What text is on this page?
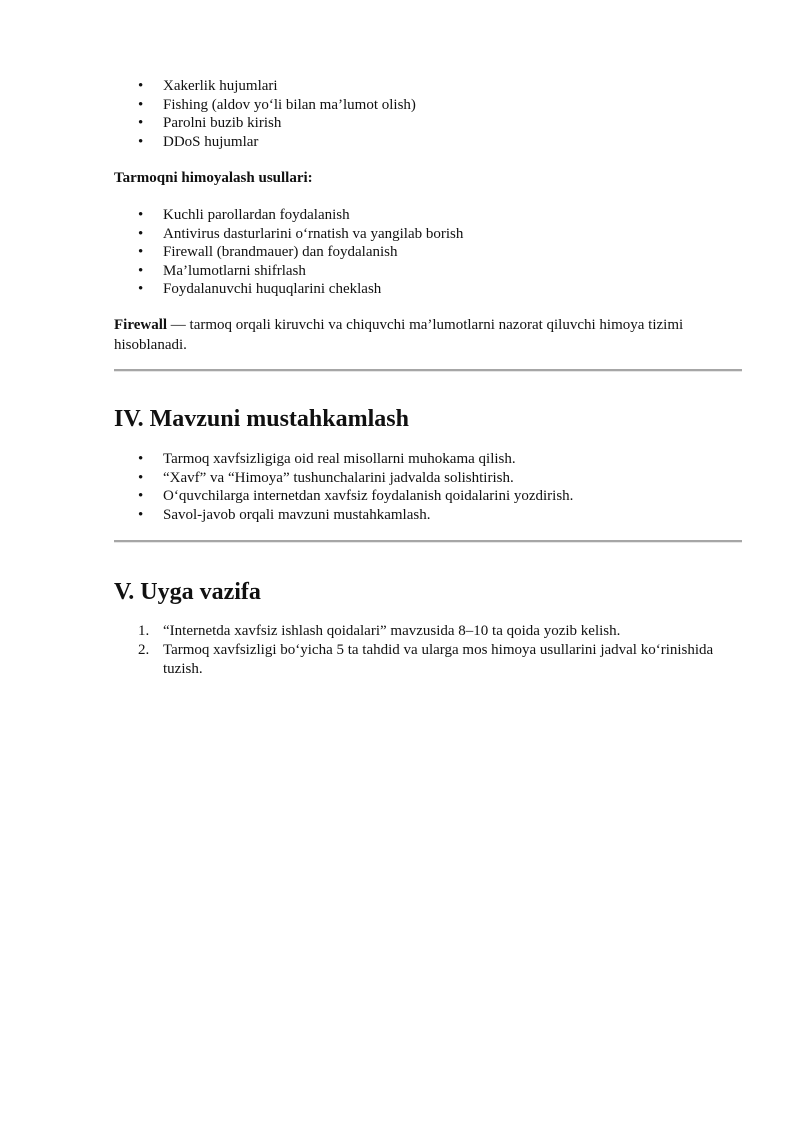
• Xakerlik hujumlari
• Fishing (aldov yo‘li bilan ma’lumot olish)
• Parolni buzib kirish
• DDoS hujumlar

Tarmoqni himoyalash usullari:

• Kuchli parollardan foydalanish
• Antivirus dasturlarini o‘rnatish va yangilab borish
• Firewall (brandmauer) dan foydalanish
• Ma’lumotlarni shifrlash
• Foydalanuvchi huquqlarini cheklash

Firewall — tarmoq orqali kiruvchi va chiquvchi ma’lumotlarni nazorat qiluvchi himoya tizimi hisoblanadi.

IV. Mavzuni mustahkamlash
• Tarmoq xavfsizligiga oid real misollarni muhokama qilish.
• “Xavf” va “Himoya” tushunchalarini jadvalda solishtirish.
• O‘quvchilarga internetdan xavfsiz foydalanish qoidalarini yozdirish.
• Savol-javob orqali mavzuni mustahkamlash.
V. Uyga vazifa
1. “Internetda xavfsiz ishlash qoidalari” mavzusida 8–10 ta qoida yozib kelish.
2. Tarmoq xavfsizligi bo‘yicha 5 ta tahdid va ularga mos himoya usullarini jadval ko‘rinishida tuzish.
